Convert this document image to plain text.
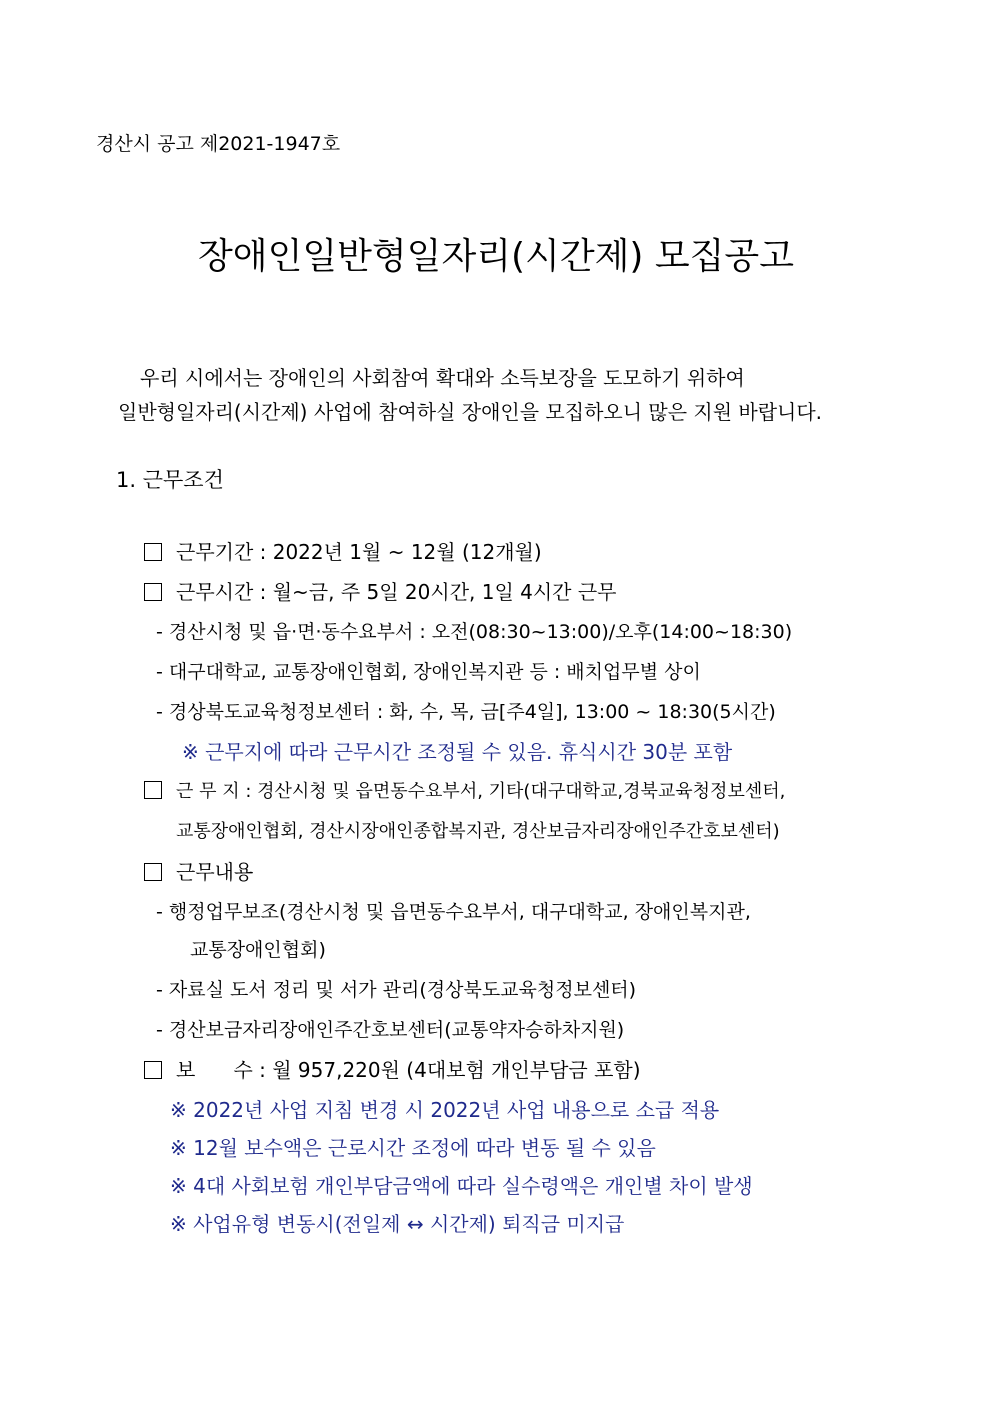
경산시 공고 제2021-1947호
장애인일반형일자리(시간제) 모집공고
우리 시에서는 장애인의 사회참여 확대와 소득보장을 도모하기 위하여
일반형일자리(시간제) 사업에 참여하실 장애인을 모집하오니 많은 지원 바랍니다.
1. 근무조건
근무기간 : 2022년 1월 ~ 12월 (12개월)
근무시간 : 월~금, 주 5일 20시간, 1일 4시간 근무
- 경산시청 및 읍·면·동수요부서 : 오전(08:30~13:00)/오후(14:00~18:30)
- 대구대학교, 교통장애인협회, 장애인복지관 등 : 배치업무별 상이
- 경상북도교육청정보센터 : 화, 수, 목, 금[주4일], 13:00 ~ 18:30(5시간)
※ 근무지에 따라 근무시간 조정될 수 있음. 휴식시간 30분 포함
근 무 지 : 경산시청 및 읍면동수요부서, 기타(대구대학교,경북교육청정보센터,
교통장애인협회, 경산시장애인종합복지관, 경산보금자리장애인주간호보센터)
근무내용
- 행정업무보조(경산시청 및 읍면동수요부서, 대구대학교, 장애인복지관,
교통장애인협회)
- 자료실 도서 정리 및 서가 관리(경상북도교육청정보센터)
- 경산보금자리장애인주간호보센터(교통약자승하차지원)
보      수 : 월 957,220원 (4대보험 개인부담금 포함)
※ 2022년 사업 지침 변경 시 2022년 사업 내용으로 소급 적용
※ 12월 보수액은 근로시간 조정에 따라 변동 될 수 있음
※ 4대 사회보험 개인부담금액에 따라 실수령액은 개인별 차이 발생
※ 사업유형 변동시(전일제 ↔ 시간제) 퇴직금 미지급
